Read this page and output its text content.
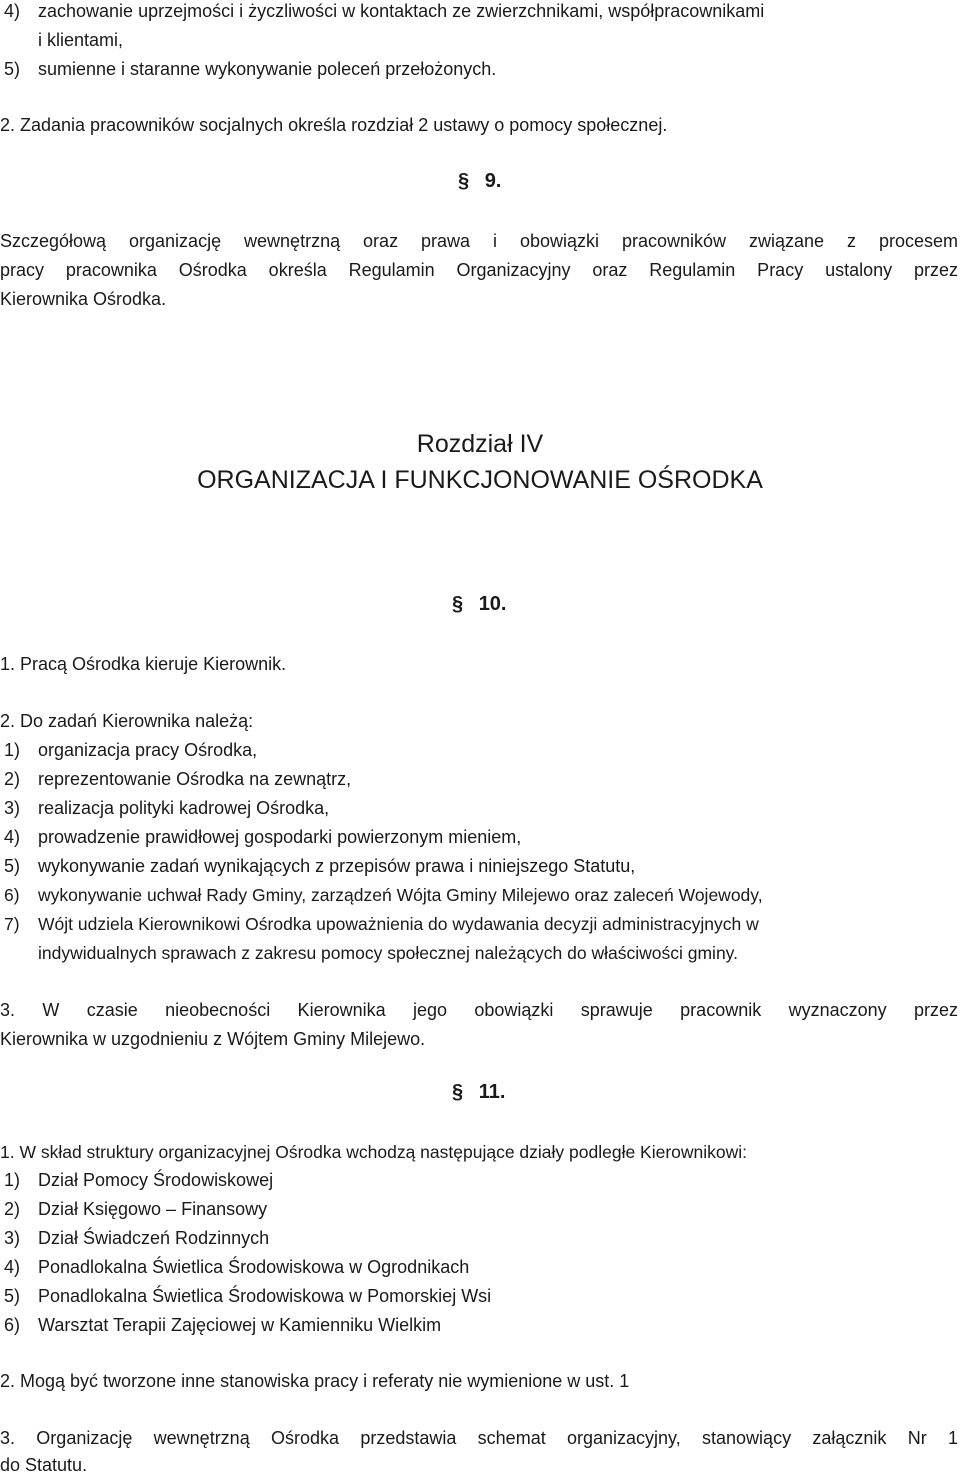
4) zachowanie uprzejmości i życzliwości w kontaktach ze zwierzchnikami, współpracownikami
i klientami,
5) sumienne i staranne wykonywanie poleceń przełożonych.
2. Zadania pracowników socjalnych określa rozdział 2 ustawy o pomocy społecznej.
§ 9.
Szczegółową organizację wewnętrzną oraz prawa i obowiązki pracowników związane z procesem
pracy pracownika Ośrodka określa Regulamin Organizacyjny oraz Regulamin Pracy ustalony przez
Kierownika Ośrodka.
Rozdział IV
ORGANIZACJA I FUNKCJONOWANIE OŚRODKA
§ 10.
1. Pracą Ośrodka kieruje Kierownik.
2. Do zadań Kierownika należą:
1) organizacja pracy Ośrodka,
2) reprezentowanie Ośrodka na zewnątrz,
3) realizacja polityki kadrowej Ośrodka,
4) prowadzenie prawidłowej gospodarki powierzonym mieniem,
5) wykonywanie zadań wynikających z przepisów prawa i niniejszego Statutu,
6) wykonywanie uchwał Rady Gminy, zarządzeń Wójta Gminy Milejewo oraz zaleceń Wojewody,
7) Wójt udziela Kierownikowi Ośrodka upoważnienia do wydawania decyzji administracyjnych w
indywidualnych sprawach z zakresu pomocy społecznej należących do właściwości gminy.
3. W czasie nieobecności Kierownika jego obowiązki sprawuje pracownik wyznaczony przez
Kierownika w uzgodnieniu z Wójtem Gminy Milejewo.
§ 11.
1. W skład struktury organizacyjnej Ośrodka wchodzą następujące działy podległe Kierownikowi:
1) Dział Pomocy Środowiskowej
2) Dział Księgowo – Finansowy
3) Dział Świadczeń Rodzinnych
4) Ponadlokalna Świetlica Środowiskowa w Ogrodnikach
5) Ponadlokalna Świetlica Środowiskowa w Pomorskiej Wsi
6) Warsztat Terapii Zajęciowej w Kamienniku Wielkim
2. Mogą być tworzone inne stanowiska pracy i referaty nie wymienione w ust. 1
3. Organizację wewnętrzną Ośrodka przedstawia schemat organizacyjny, stanowiący załącznik Nr 1
do Statutu.
